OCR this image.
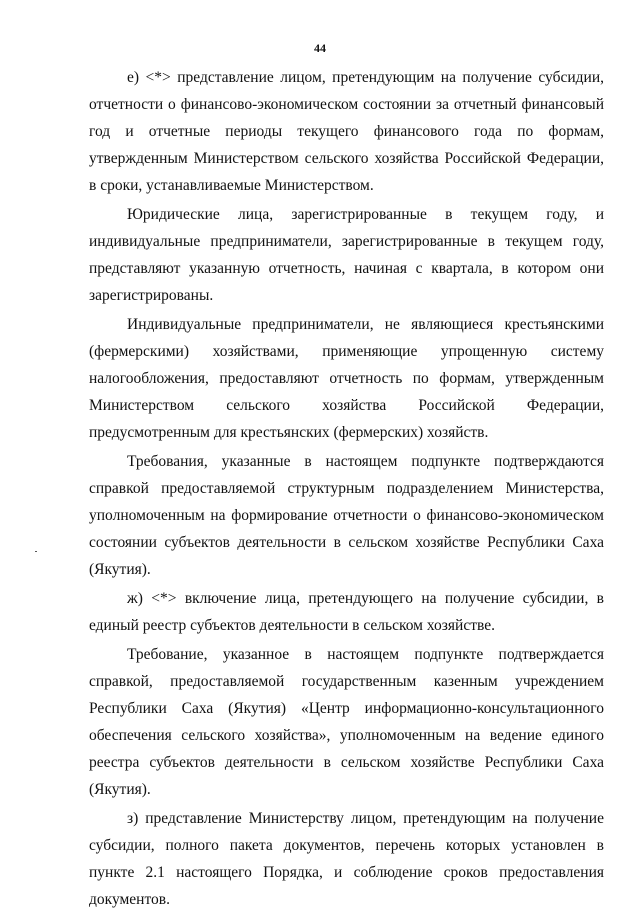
44

е) <*> представление лицом, претендующим на получение субсидии, отчетности о финансово-экономическом состоянии за отчетный финансовый год и отчетные периоды текущего финансового года по формам, утвержденным Министерством сельского хозяйства Российской Федерации, в сроки, устанавливаемые Министерством.

Юридические лица, зарегистрированные в текущем году, и индивидуальные предприниматели, зарегистрированные в текущем году, представляют указанную отчетность, начиная с квартала, в котором они зарегистрированы.

Индивидуальные предприниматели, не являющиеся крестьянскими (фермерскими) хозяйствами, применяющие упрощенную систему налогообложения, предоставляют отчетность по формам, утвержденным Министерством сельского хозяйства Российской Федерации, предусмотренным для крестьянских (фермерских) хозяйств.

Требования, указанные в настоящем подпункте подтверждаются справкой предоставляемой структурным подразделением Министерства, уполномоченным на формирование отчетности о финансово-экономическом состоянии субъектов деятельности в сельском хозяйстве Республики Саха (Якутия).

ж) <*> включение лица, претендующего на получение субсидии, в единый реестр субъектов деятельности в сельском хозяйстве.

Требование, указанное в настоящем подпункте подтверждается справкой, предоставляемой государственным казенным учреждением Республики Саха (Якутия) «Центр информационно-консультационного обеспечения сельского хозяйства», уполномоченным на ведение единого реестра субъектов деятельности в сельском хозяйстве Республики Саха (Якутия).

з) представление Министерству лицом, претендующим на получение субсидии, полного пакета документов, перечень которых установлен в пункте 2.1 настоящего Порядка, и соблюдение сроков предоставления документов.
